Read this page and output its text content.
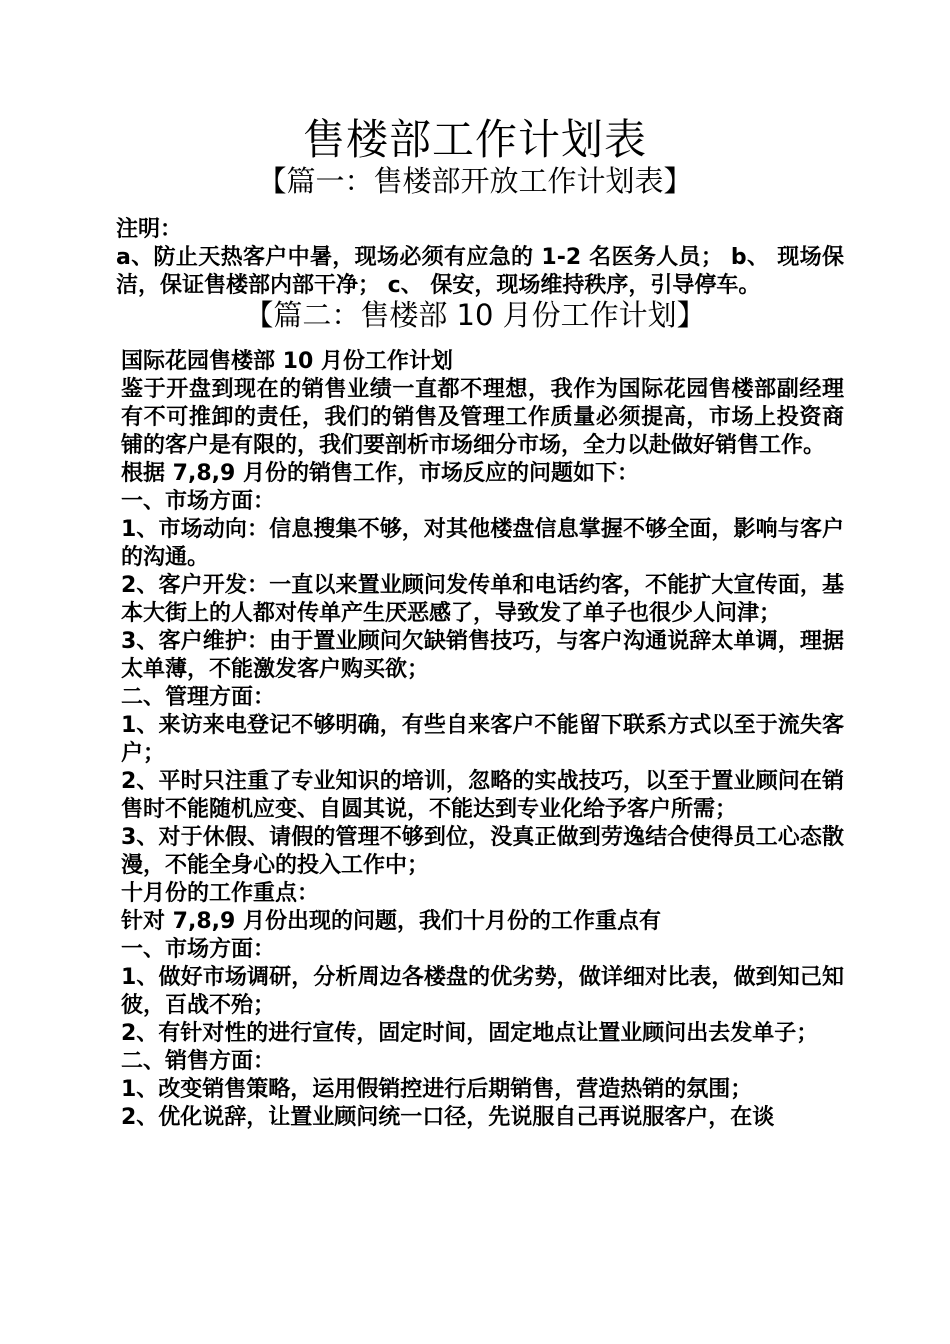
售楼部工作计划表
【篇一：售楼部开放工作计划表】

注明：

a、防止天热客户中暑，现场必须有应急的 1-2 名医务人员； b、 现场保洁，保证售楼部内部干净； c、 保安，现场维持秩序，引导停车。

【篇二：售楼部 10 月份工作计划】

国际花园售楼部 10 月份工作计划

鉴于开盘到现在的销售业绩一直都不理想，我作为国际花园售楼部副经理有不可推卸的责任，我们的销售及管理工作质量必须提高，市场上投资商铺的客户是有限的，我们要剖析市场细分市场，全力以赴做好销售工作。

根据 7,8,9 月份的销售工作，市场反应的问题如下：

一、市场方面：

1、市场动向：信息搜集不够，对其他楼盘信息掌握不够全面，影响与客户的沟通。

2、客户开发：一直以来置业顾问发传单和电话约客，不能扩大宣传面，基本大街上的人都对传单产生厌恶感了，导致发了单子也很少人问津；

3、客户维护：由于置业顾问欠缺销售技巧，与客户沟通说辞太单调，理据太单薄，不能激发客户购买欲；

二、管理方面：

1、来访来电登记不够明确，有些自来客户不能留下联系方式以至于流失客户；

2、平时只注重了专业知识的培训，忽略的实战技巧，以至于置业顾问在销售时不能随机应变、自圆其说，不能达到专业化给予客户所需；

3、对于休假、请假的管理不够到位，没真正做到劳逸结合使得员工心态散漫，不能全身心的投入工作中；

十月份的工作重点：

针对 7,8,9 月份出现的问题，我们十月份的工作重点有

一、市场方面：

1、做好市场调研，分析周边各楼盘的优劣势，做详细对比表，做到知己知彼，百战不殆；

2、有针对性的进行宣传，固定时间，固定地点让置业顾问出去发单子；

二、销售方面：

1、改变销售策略，运用假销控进行后期销售，营造热销的氛围；

2、优化说辞，让置业顾问统一口径，先说服自己再说服客户，在谈
